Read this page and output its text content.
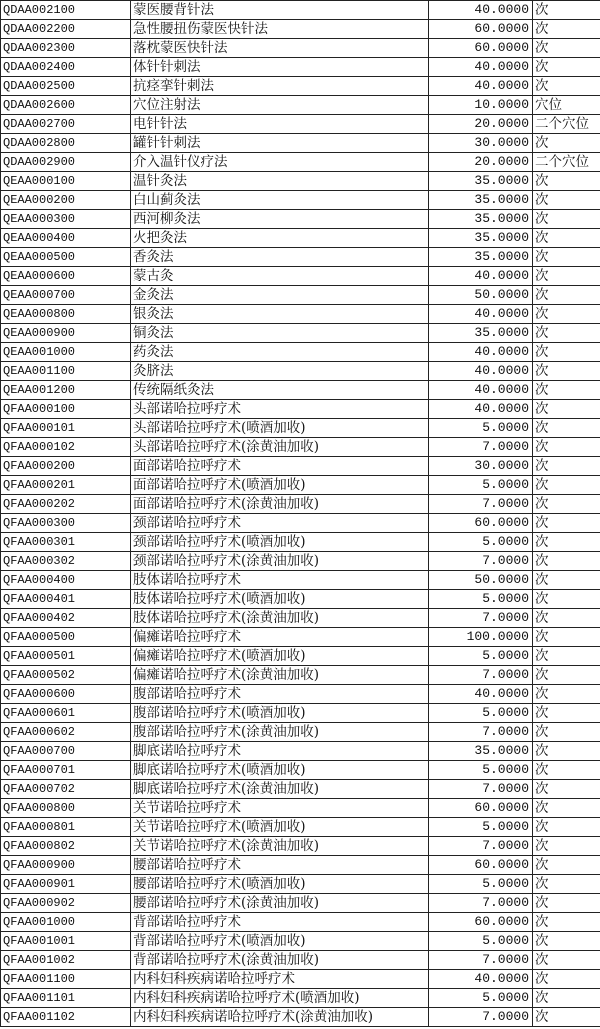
QDAA002100	蒙医腰背针法	40.0000	次
QDAA002200	急性腰扭伤蒙医快针法	60.0000	次
QDAA002300	落枕蒙医快针法	60.0000	次
QDAA002400	体针针刺法	40.0000	次
QDAA002500	抗痉挛针刺法	40.0000	次
QDAA002600	穴位注射法	10.0000	穴位
QDAA002700	电针针法	20.0000	二个穴位
QDAA002800	罐针针刺法	30.0000	次
QDAA002900	介入温针仪疗法	20.0000	二个穴位
QEAA000100	温针灸法	35.0000	次
QEAA000200	白山蓟灸法	35.0000	次
QEAA000300	西河柳灸法	35.0000	次
QEAA000400	火把灸法	35.0000	次
QEAA000500	香灸法	35.0000	次
QEAA000600	蒙古灸	40.0000	次
QEAA000700	金灸法	50.0000	次
QEAA000800	银灸法	40.0000	次
QEAA000900	铜灸法	35.0000	次
QEAA001000	药灸法	40.0000	次
QEAA001100	灸脐法	40.0000	次
QEAA001200	传统隔纸灸法	40.0000	次
QFAA000100	头部诺哈拉呼疗术	40.0000	次
QFAA000101	头部诺哈拉呼疗术(喷酒加收)	5.0000	次
QFAA000102	头部诺哈拉呼疗术(涂黄油加收)	7.0000	次
QFAA000200	面部诺哈拉呼疗术	30.0000	次
QFAA000201	面部诺哈拉呼疗术(喷酒加收)	5.0000	次
QFAA000202	面部诺哈拉呼疗术(涂黄油加收)	7.0000	次
QFAA000300	颈部诺哈拉呼疗术	60.0000	次
QFAA000301	颈部诺哈拉呼疗术(喷酒加收)	5.0000	次
QFAA000302	颈部诺哈拉呼疗术(涂黄油加收)	7.0000	次
QFAA000400	肢体诺哈拉呼疗术	50.0000	次
QFAA000401	肢体诺哈拉呼疗术(喷酒加收)	5.0000	次
QFAA000402	肢体诺哈拉呼疗术(涂黄油加收)	7.0000	次
QFAA000500	偏瘫诺哈拉呼疗术	100.0000	次
QFAA000501	偏瘫诺哈拉呼疗术(喷酒加收)	5.0000	次
QFAA000502	偏瘫诺哈拉呼疗术(涂黄油加收)	7.0000	次
QFAA000600	腹部诺哈拉呼疗术	40.0000	次
QFAA000601	腹部诺哈拉呼疗术(喷酒加收)	5.0000	次
QFAA000602	腹部诺哈拉呼疗术(涂黄油加收)	7.0000	次
QFAA000700	脚底诺哈拉呼疗术	35.0000	次
QFAA000701	脚底诺哈拉呼疗术(喷酒加收)	5.0000	次
QFAA000702	脚底诺哈拉呼疗术(涂黄油加收)	7.0000	次
QFAA000800	关节诺哈拉呼疗术	60.0000	次
QFAA000801	关节诺哈拉呼疗术(喷酒加收)	5.0000	次
QFAA000802	关节诺哈拉呼疗术(涂黄油加收)	7.0000	次
QFAA000900	腰部诺哈拉呼疗术	60.0000	次
QFAA000901	腰部诺哈拉呼疗术(喷酒加收)	5.0000	次
QFAA000902	腰部诺哈拉呼疗术(涂黄油加收)	7.0000	次
QFAA001000	背部诺哈拉呼疗术	60.0000	次
QFAA001001	背部诺哈拉呼疗术(喷酒加收)	5.0000	次
QFAA001002	背部诺哈拉呼疗术(涂黄油加收)	7.0000	次
QFAA001100	内科妇科疾病诺哈拉呼疗术	40.0000	次
QFAA001101	内科妇科疾病诺哈拉呼疗术(喷酒加收)	5.0000	次
QFAA001102	内科妇科疾病诺哈拉呼疗术(涂黄油加收)	7.0000	次
